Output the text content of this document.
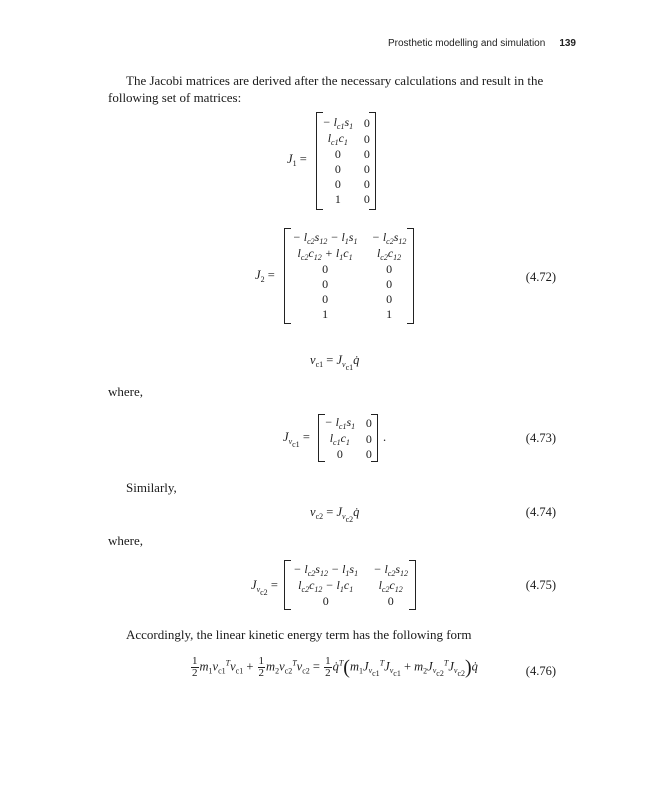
Prosthetic modelling and simulation 139
The Jacobi matrices are derived after the necessary calculations and result in the following set of matrices:
$J_1$ =
− $l_{c1}s_1$	0
$l_{c1}c_1$	0
0	0
0	0
0	0
1	0
$J_2$ =
− $l_{c2}s_{12} - l_1s_1$	− $l_{c2}s_{12}$
$l_{c2}c_{12} + l_1c_1$	$l_{c2}c_{12}$
0	0
0	0
0	0
1	1
(4.72)
$v_{c1}$ = $J_{v_{c1}}q̇$
where,
$J_{v_{c1}}$ =
− $l_{c1}s_1$	0
$l_{c1}c_1$	0
0	0
.	(4.73)
Similarly,
$v_{c2}$ = $J_{v_{c2}}q̇$	(4.74)
where,
$J_{v_{c2}}$ =
− $l_{c2}s_{12} - l_1s_1$	− $l_{c2}s_{12}$
$l_{c2}c_{12} - l_1c_1$	$l_{c2}c_{12}$
0	0
(4.75)
Accordingly, the linear kinetic energy term has the following form
$\frac{1}{2} m_1v_{c1}^Tv_{c1} + \frac{1}{2} m_2v_{c2}^Tv_{c2} = \frac{1}{2}$ $q̇^T(m_1J_{v_{c1}}^TJ_{v_{c1}}$ + $m_2J_{v_{c2}}^TJ_{v_{c2}})q̇$	(4.76)
